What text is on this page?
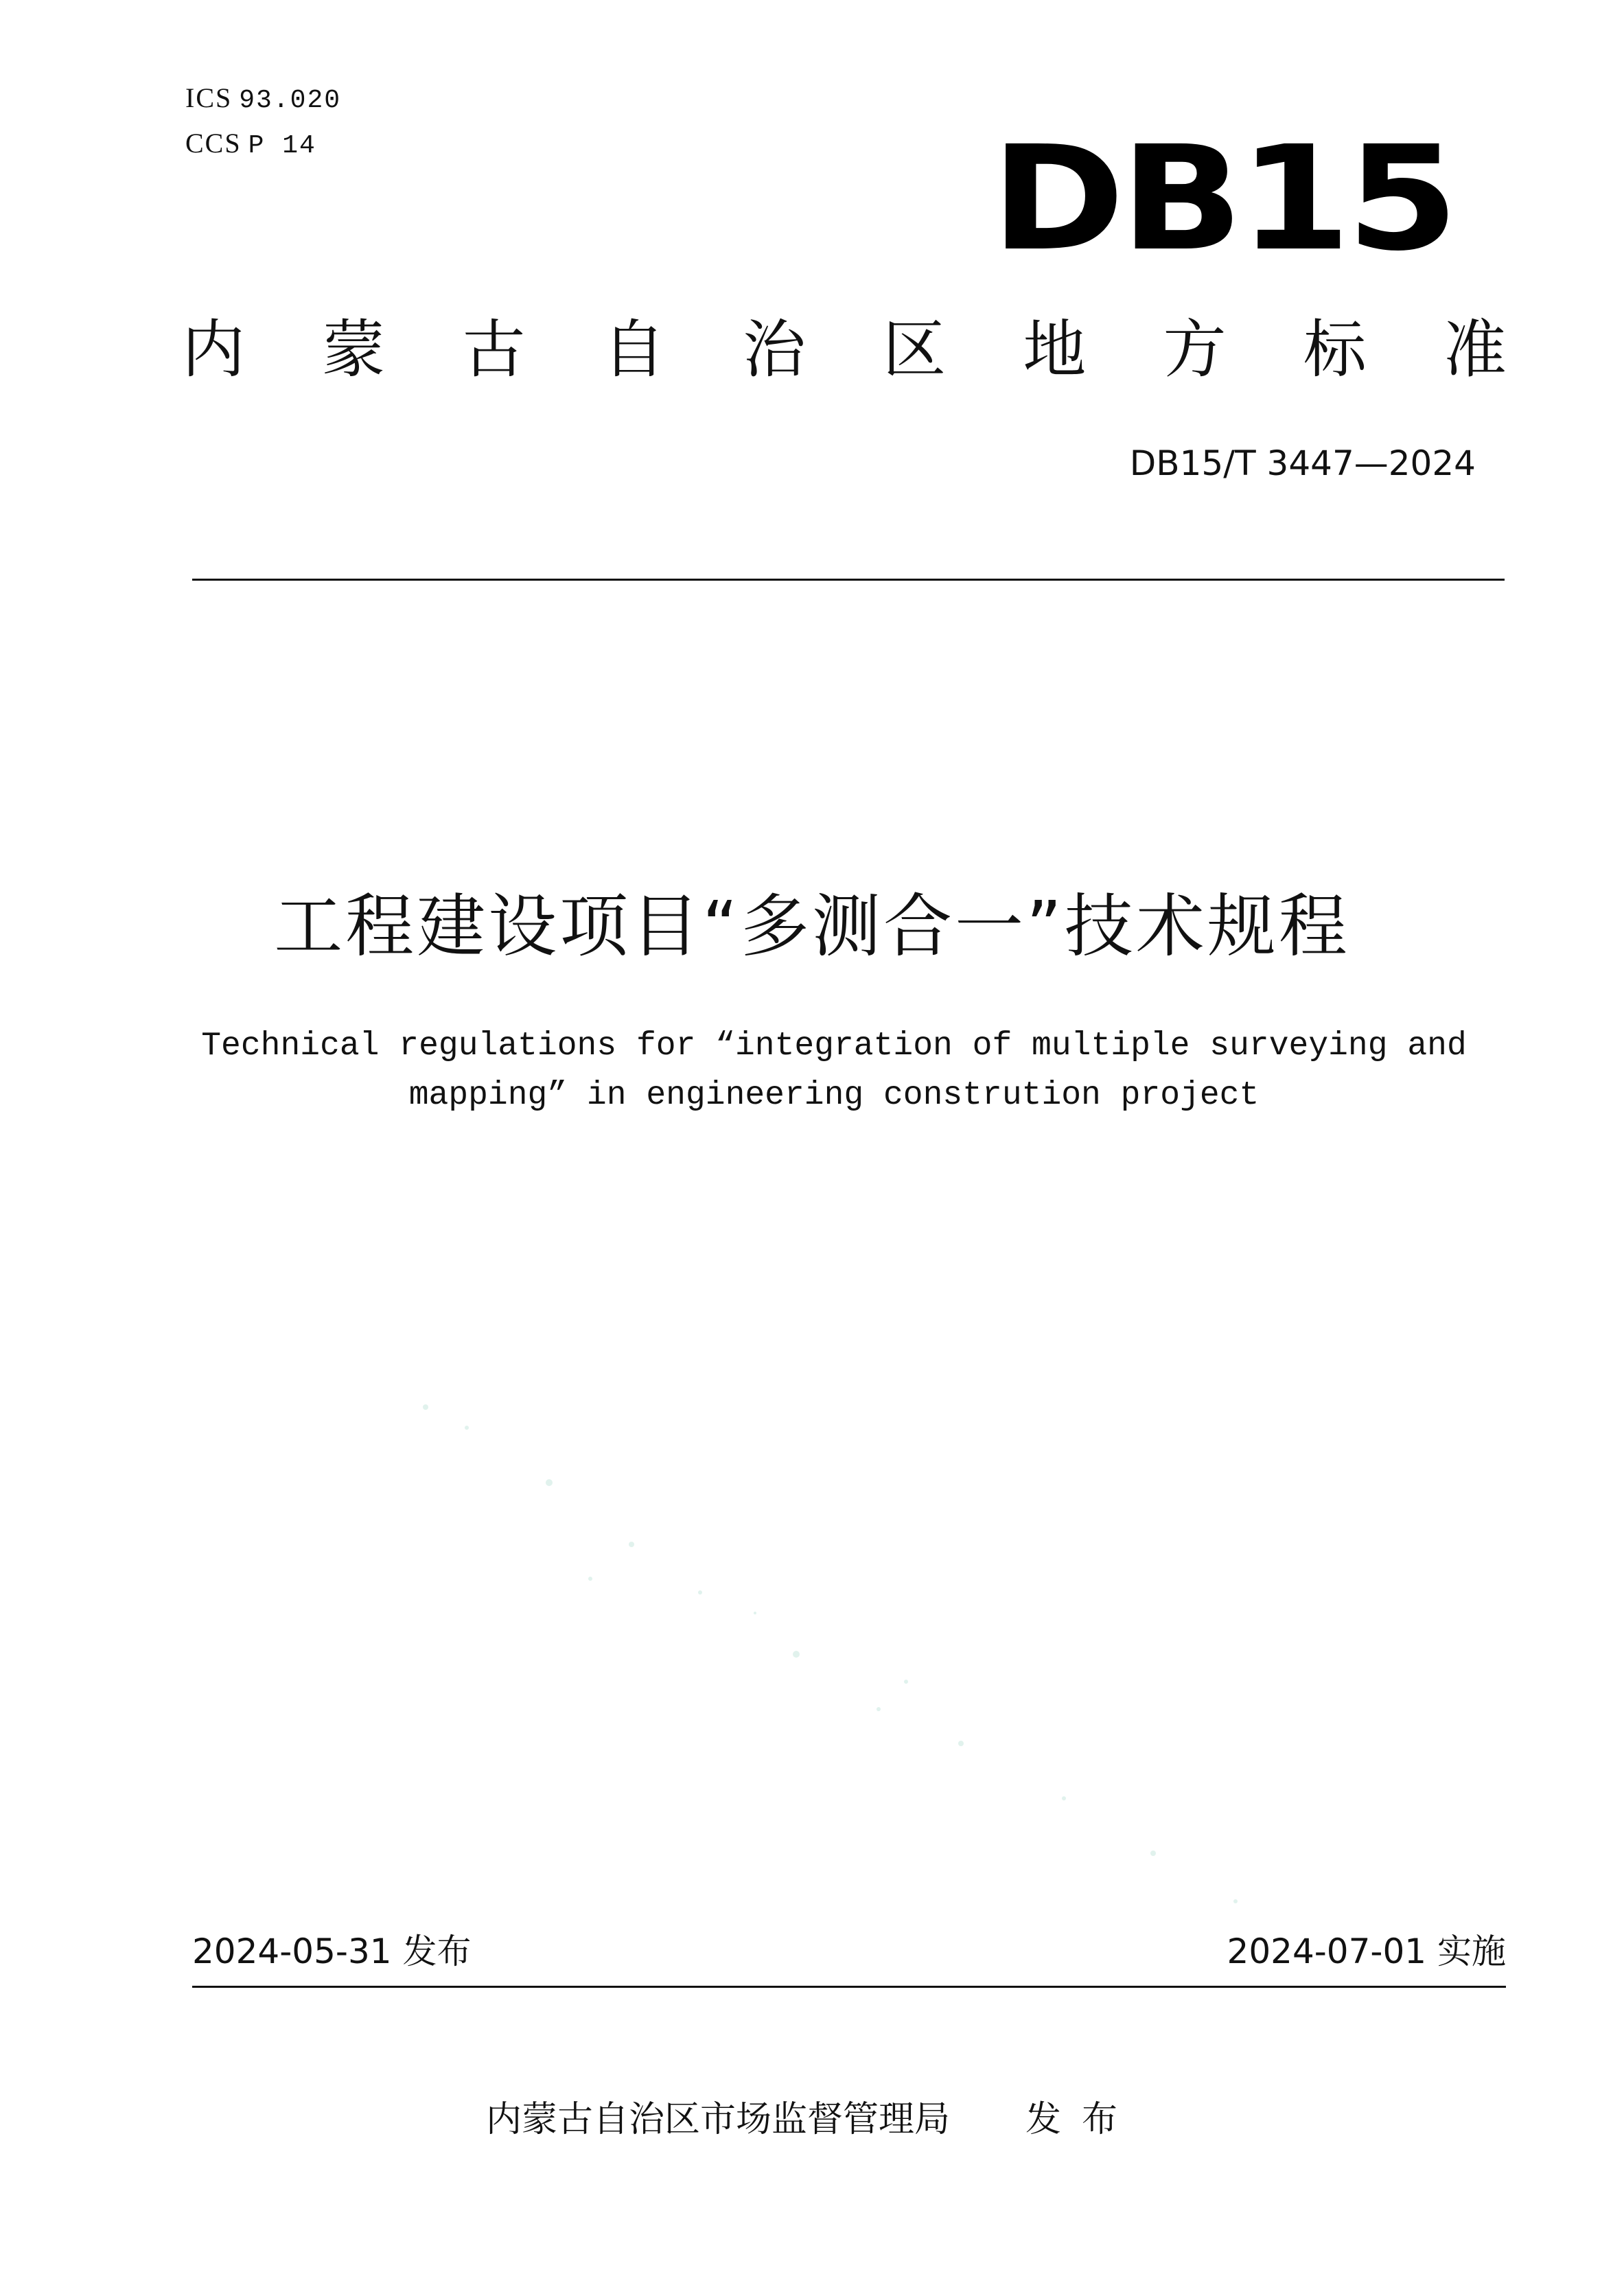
ICS 93.020
CCS P 14	DB15
内 蒙 古 自 治 区 地 方 标 准
DB15/T 3447—2024
工程建设项目“多测合一”技术规程
Technical regulations for “integration of multiple surveying and
mapping” in engineering constrution project
2024-05-31 发布	2024-07-01 实施
内蒙古自治区市场监督管理局 发布
